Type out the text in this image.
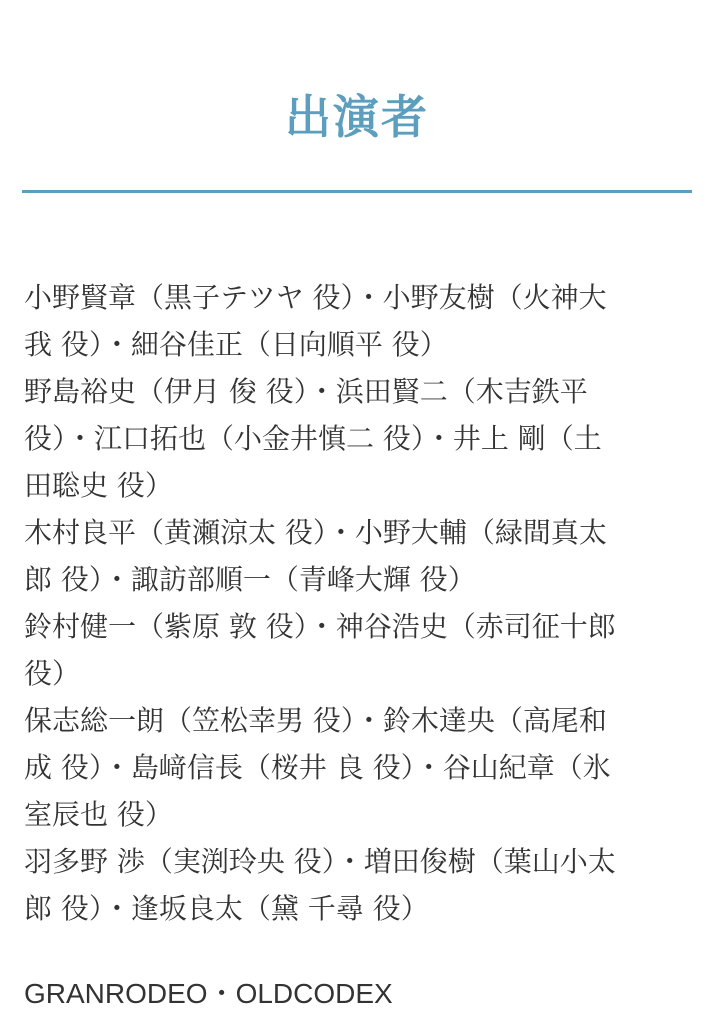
出演者
小野賢章（黒子テツヤ 役）・小野友樹（火神大
我 役）・細谷佳正（日向順平 役）
野島裕史（伊月 俊 役）・浜田賢二（木吉鉄平
役）・江口拓也（小金井慎二 役）・井上 剛（土
田聡史 役）
木村良平（黄瀬涼太 役）・小野大輔（緑間真太
郎 役）・諏訪部順一（青峰大輝 役）
鈴村健一（紫原 敦 役）・神谷浩史（赤司征十郎
役）
保志総一朗（笠松幸男 役）・鈴木達央（高尾和
成 役）・島﨑信長（桜井 良 役）・谷山紀章（氷
室辰也 役）
羽多野 渉（実渕玲央 役）・増田俊樹（葉山小太
郎 役）・逢坂良太（黛 千尋 役）
GRANRODEO・OLDCODEX
